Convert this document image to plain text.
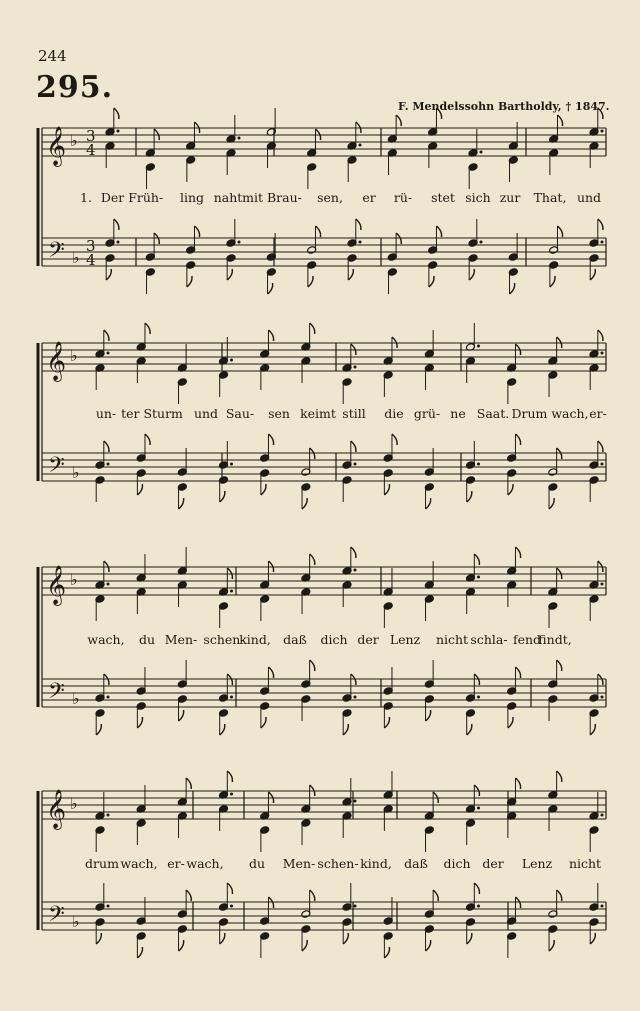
244
295.
F. Mendelssohn Bartholdy, † 1847.
𝄞
𝄢
♭
♭
3
4
3
4
𝄞
𝄢
♭
♭
𝄞
𝄢
♭
♭
𝄞
𝄢
♭
♭
1. Der Früh- ling naht mit Brau- sen, er rü- stet sich zur That, und
un- ter Sturm und Sau- sen keimt still die grü- ne Saat. Drum wach, er-
wach, du Men- schen-
kind, daß dich der Lenz nicht schla- fend
findt,
drum wach, er- wach, du Men- schen- kind, daß dich der Lenz nicht
